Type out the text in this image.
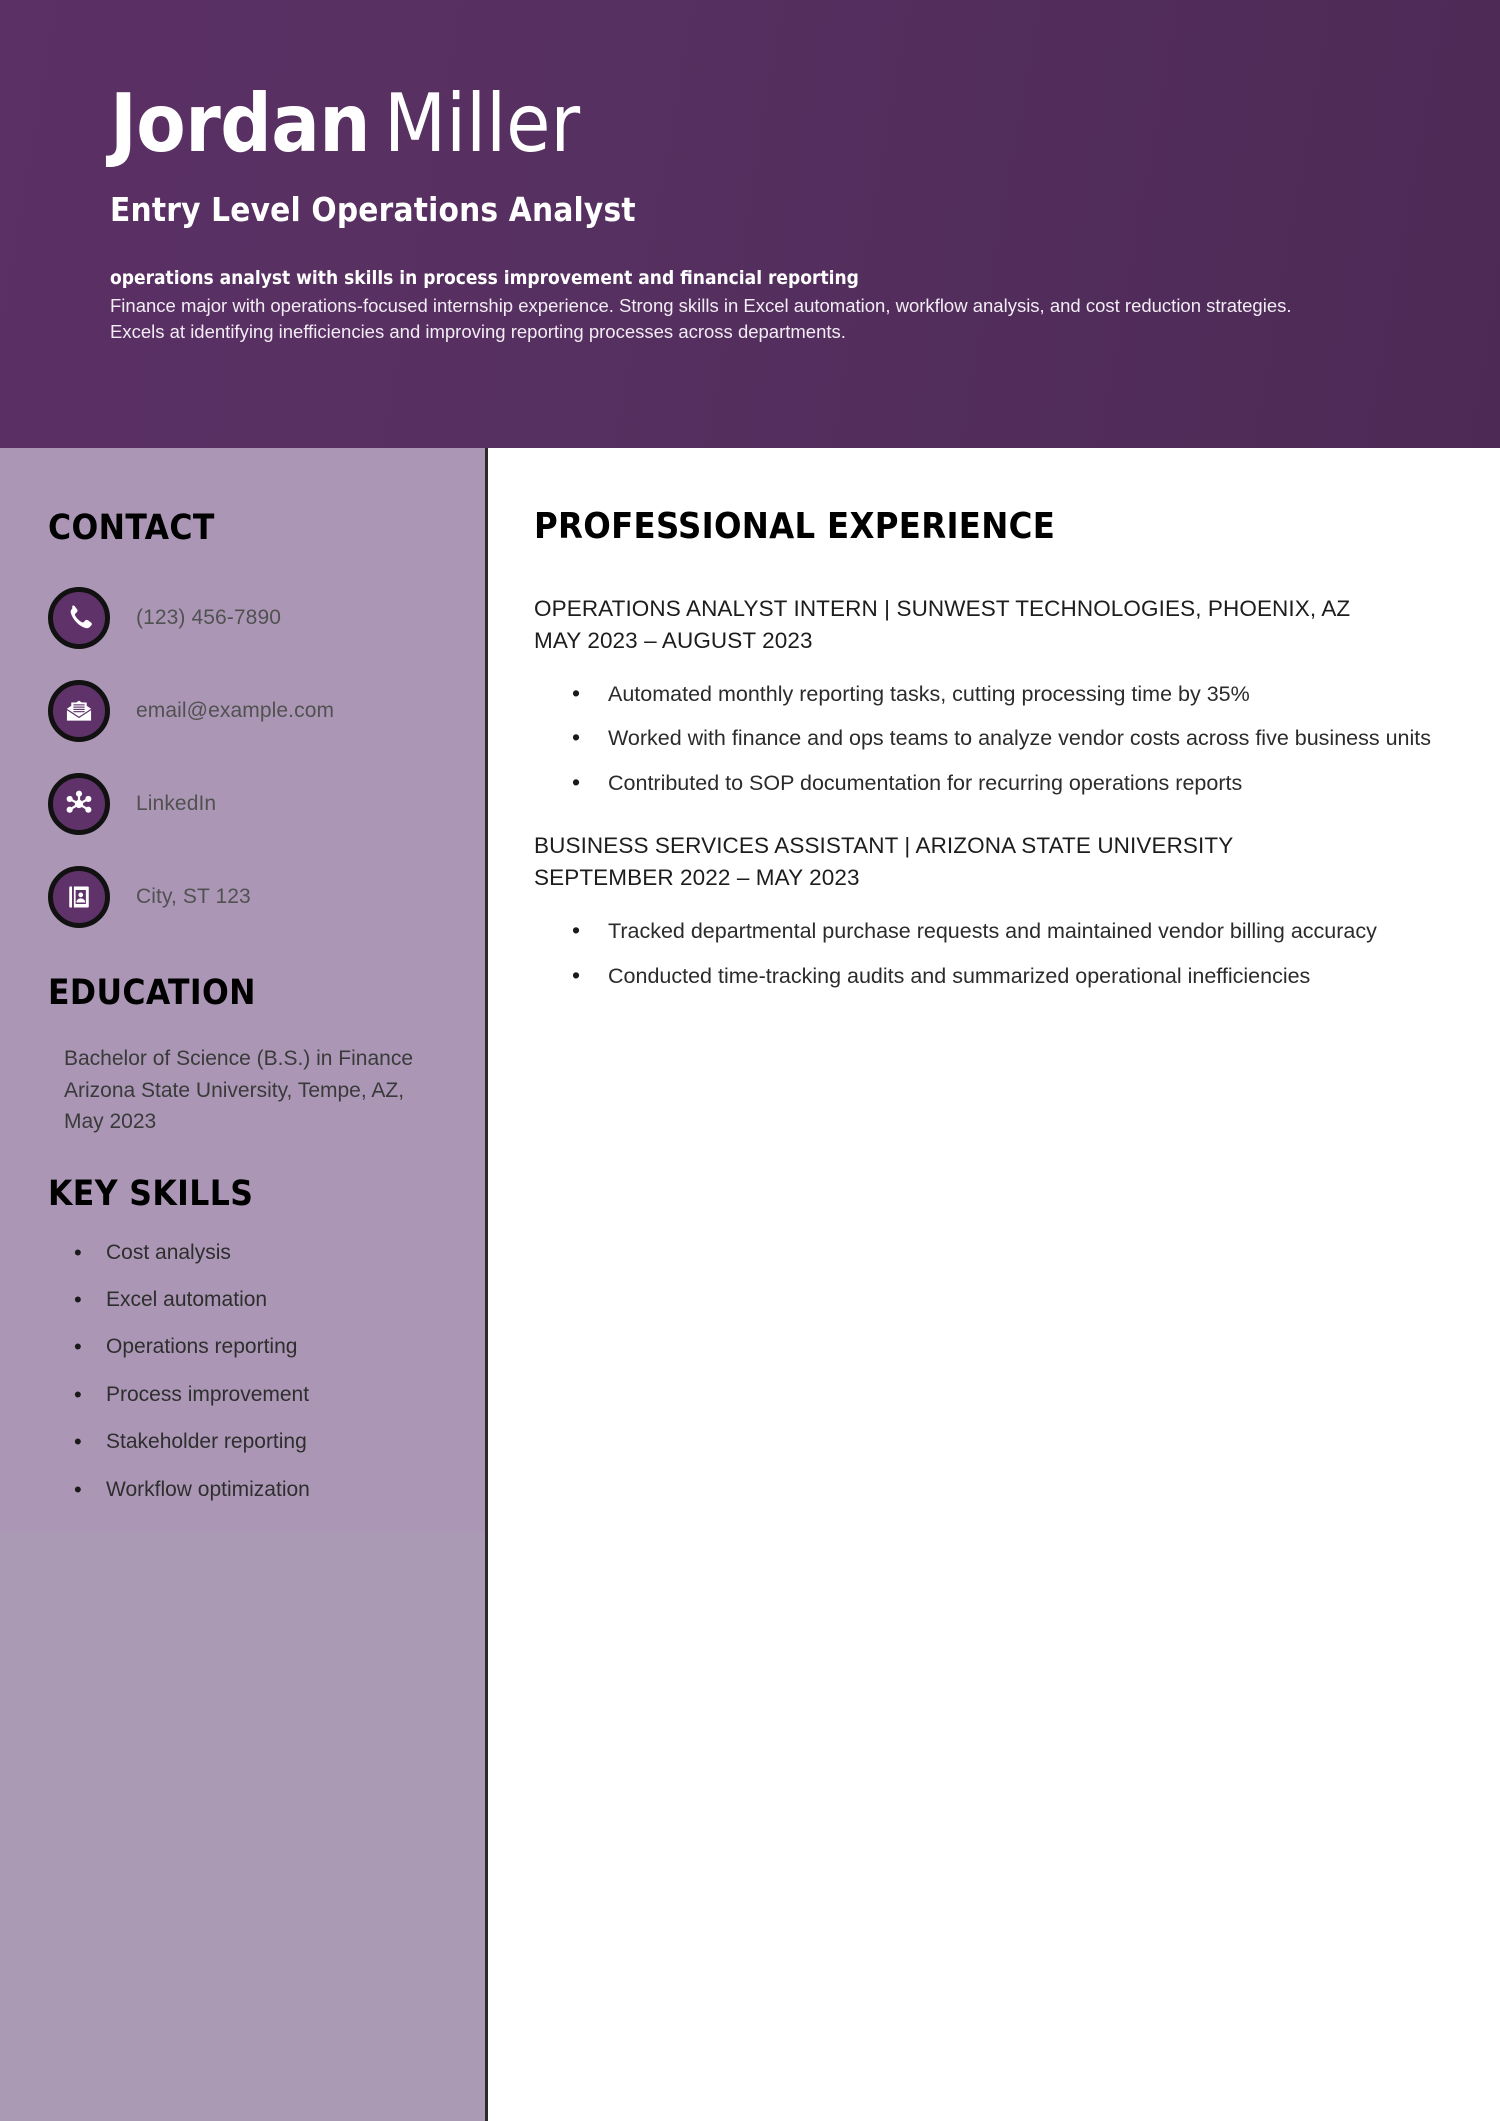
Jordan Miller
Entry Level Operations Analyst
operations analyst with skills in process improvement and financial reporting
Finance major with operations-focused internship experience. Strong skills in Excel automation, workflow analysis, and cost reduction strategies. Excels at identifying inefficiencies and improving reporting processes across departments.
CONTACT
(123) 456-7890
email@example.com
LinkedIn
City, ST 123
EDUCATION
Bachelor of Science (B.S.) in Finance
Arizona State University, Tempe, AZ, May 2023
KEY SKILLS
• Cost analysis
• Excel automation
• Operations reporting
• Process improvement
• Stakeholder reporting
• Workflow optimization
PROFESSIONAL EXPERIENCE
OPERATIONS ANALYST INTERN | SUNWEST TECHNOLOGIES, PHOENIX, AZ
MAY 2023 – AUGUST 2023
• Automated monthly reporting tasks, cutting processing time by 35%
• Worked with finance and ops teams to analyze vendor costs across five business units
• Contributed to SOP documentation for recurring operations reports
BUSINESS SERVICES ASSISTANT | ARIZONA STATE UNIVERSITY
SEPTEMBER 2022 – MAY 2023
• Tracked departmental purchase requests and maintained vendor billing accuracy
• Conducted time-tracking audits and summarized operational inefficiencies
